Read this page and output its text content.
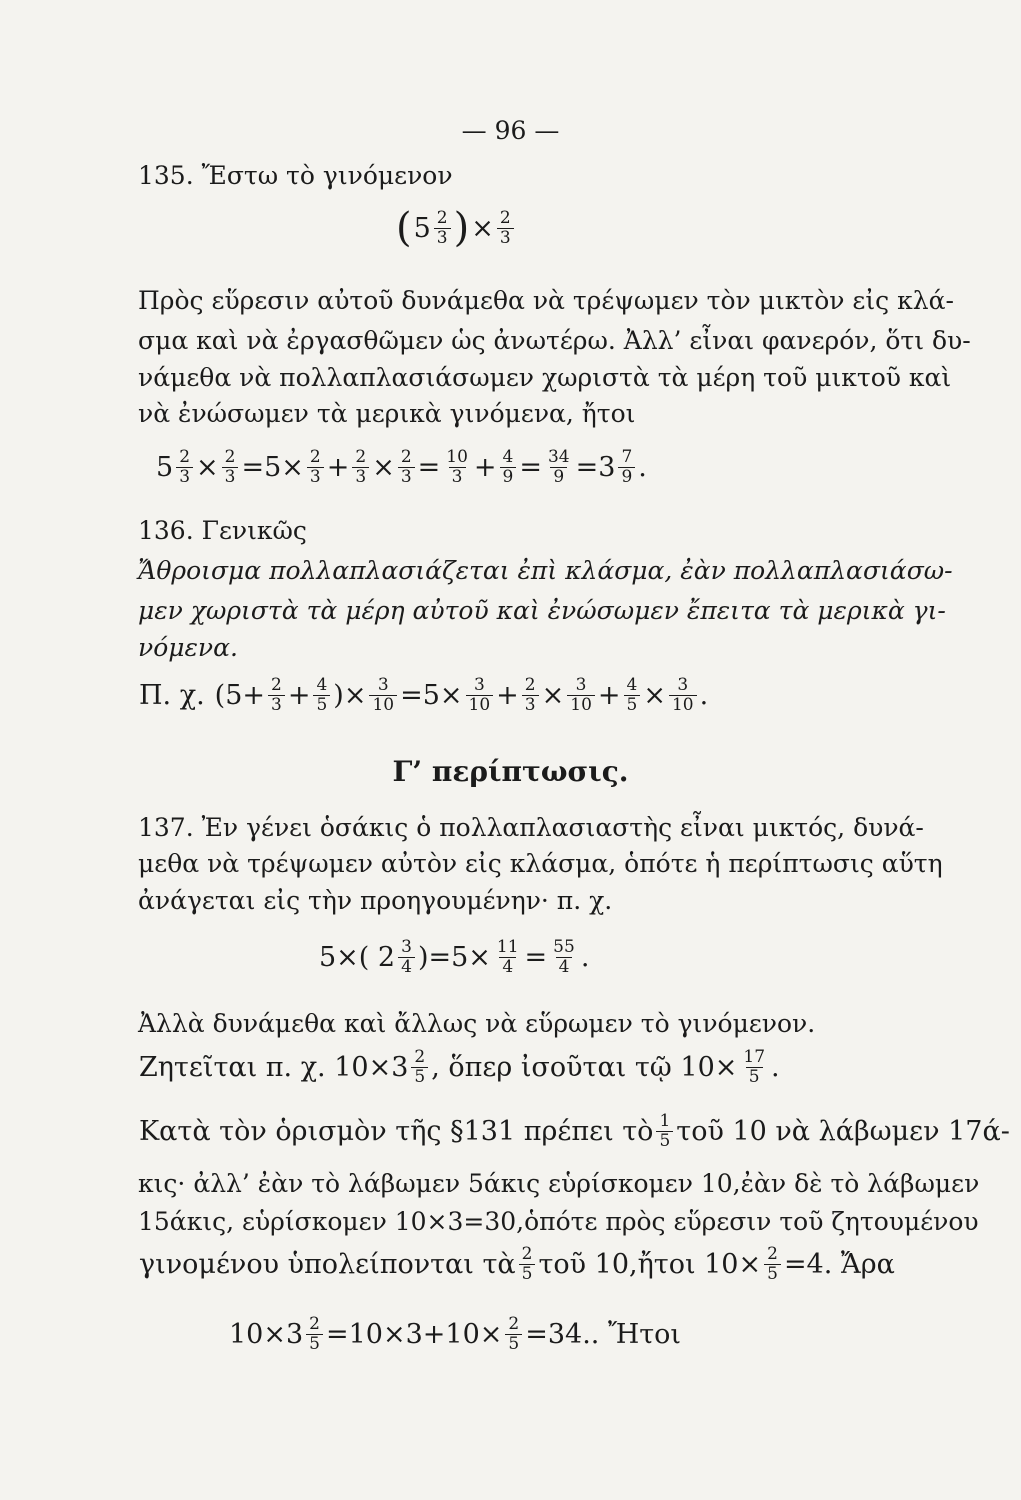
— 96 —
135. Ἔστω τὸ γινόμενον
( $5 \frac{2}{3}$ ) × $\frac{2}{3}$
Πρὸς εὕρεσιν αὐτοῦ δυνάμεθα νὰ τρέψωμεν τὸν μικτὸν εἰς κλά-
σμα καὶ νὰ ἐργασθῶμεν ὡς ἀνωτέρω. Ἀλλ’ εἶναι φανερόν, ὅτι δυ-
νάμεθα νὰ πολλαπλασιάσωμεν χωριστὰ τὰ μέρη τοῦ μικτοῦ καὶ
νὰ ἐνώσωμεν τὰ μερικὰ γινόμενα, ἤτοι
$5 \frac{2}{3} \times \frac{2}{3} =5\times \frac{2}{3} + \frac{2}{3} \times \frac{2}{3} = \frac{10}{3} + \frac{4}{9} = \frac{34}{9} =3 \frac{7}{9}$ .
136. Γενικῶς
Ἄθροισμα πολλαπλασιάζεται ἐπὶ κλάσμα, ἐὰν πολλαπλασιάσω-
μεν χωριστὰ τὰ μέρη αὐτοῦ καὶ ἐνώσωμεν ἔπειτα τὰ μερικὰ γι-
νόμενα.
Π. χ. ($5+ \frac{2}{3} + \frac{4}{5}$ )× $\frac{3}{10} =5\times \frac{3}{10} + \frac{2}{3} \times \frac{3}{10} + \frac{4}{5} \times \frac{3}{10}$ .
Γ’ περίπτωσις.
137. Ἐν γένει ὁσάκις ὁ πολλαπλασιαστὴς εἶναι μικτός, δυνά-
μεθα νὰ τρέψωμεν αὐτὸν εἰς κλάσμα, ὁπότε ἡ περίπτωσις αὕτη
ἀνάγεται εἰς τὴν προηγουμένην· π. χ.
5×( $2 \frac{3}{4} )=5\times \frac{11}{4} = \frac{55}{4}$ .
Ἀλλὰ δυνάμεθα καὶ ἄλλως νὰ εὕρωμεν τὸ γινόμενον.
Ζητεῖται π. χ. $10\times 3 \frac{2}{5}$ , ὅπερ ἰσοῦται τῷ $10\times \frac{17}{5}$ .
Κατὰ τὸν ὁρισμὸν τῆς §131 πρέπει τὸ $\frac{1}{5}$ τοῦ 10 νὰ λάβωμεν 17ά-
κις· ἀλλ’ ἐὰν τὸ λάβωμεν 5άκις εὑρίσκομεν 10,ἐὰν δὲ τὸ λάβωμεν
15άκις, εὑρίσκομεν 10×3=30,ὁπότε πρὸς εὕρεσιν τοῦ ζητουμένου
γινομένου ὑπολείπονται τὰ $\frac{2}{5}$ τοῦ 10,ἤτοι $10\times \frac{2}{5} =4$. Ἄρα
$10\times 3 \frac{2}{5} =10\times 3+10\times \frac{2}{5} =34$.. Ἤτοι
